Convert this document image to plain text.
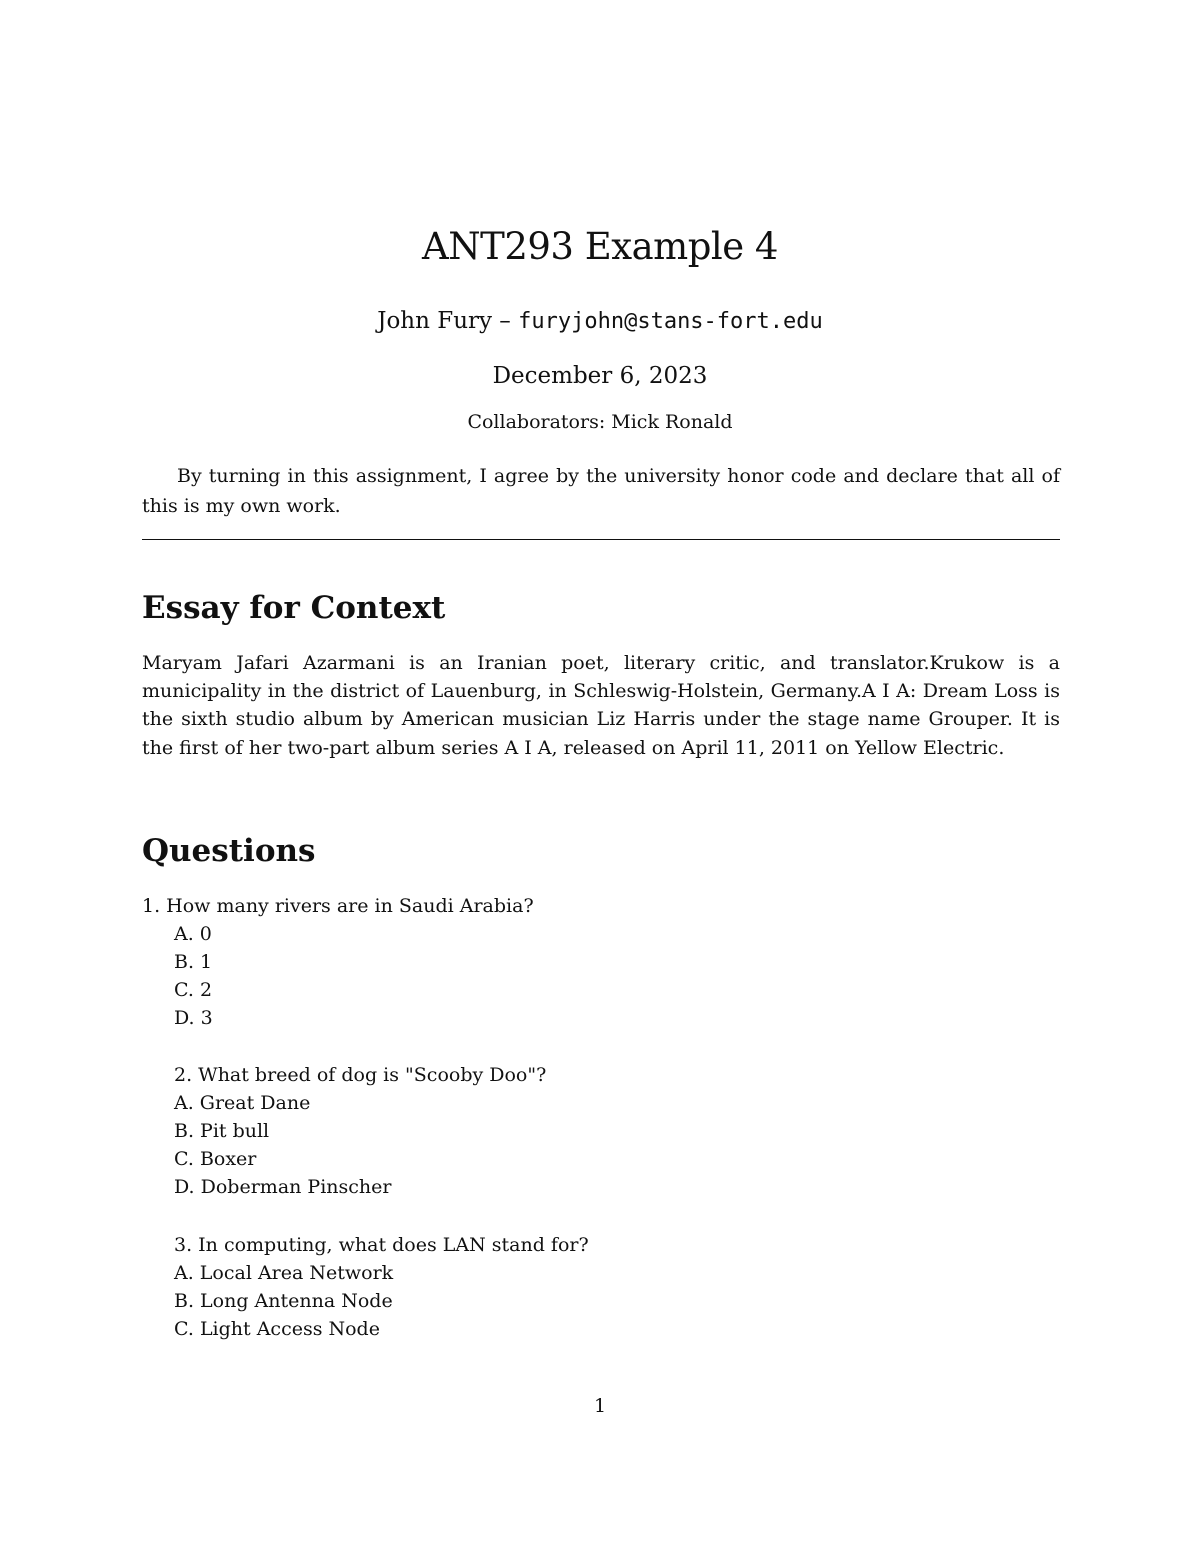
ANT293 Example 4
John Fury – furyjohn@stans-fort.edu
December 6, 2023
Collaborators: Mick Ronald
By turning in this assignment, I agree by the university honor code and declare that all of this is my own work.
Essay for Context
Maryam Jafari Azarmani is an Iranian poet, literary critic, and translator.Krukow is a municipality in the district of Lauenburg, in Schleswig-Holstein, Germany.A I A: Dream Loss is the sixth studio album by American musician Liz Harris under the stage name Grouper. It is the first of her two-part album series A I A, released on April 11, 2011 on Yellow Electric.
Questions
1. How many rivers are in Saudi Arabia?
A. 0
B. 1
C. 2
D. 3
2. What breed of dog is "Scooby Doo"?
A. Great Dane
B. Pit bull
C. Boxer
D. Doberman Pinscher
3. In computing, what does LAN stand for?
A. Local Area Network
B. Long Antenna Node
C. Light Access Node
1
